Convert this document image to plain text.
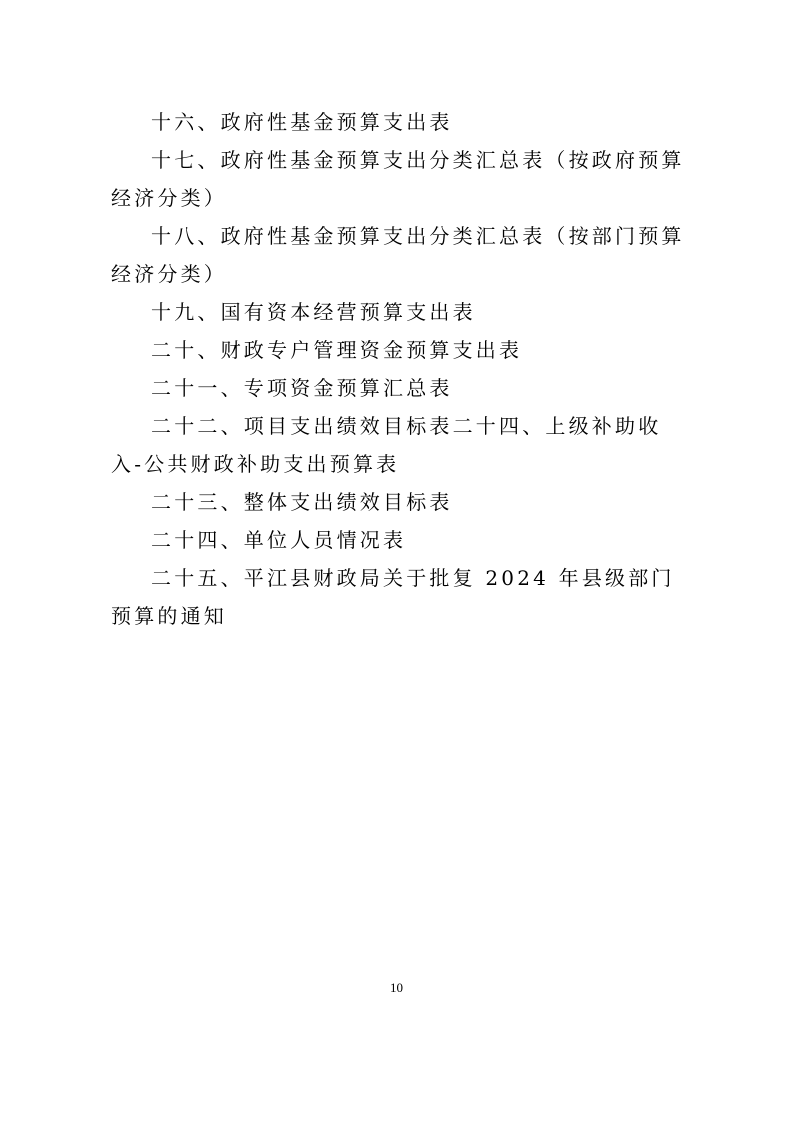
十六、政府性基金预算支出表

十七、政府性基金预算支出分类汇总表（按政府预算经济分类）

十八、政府性基金预算支出分类汇总表（按部门预算经济分类）

十九、国有资本经营预算支出表

二十、财政专户管理资金预算支出表

二十一、专项资金预算汇总表

二十二、项目支出绩效目标表二十四、上级补助收入-公共财政补助支出预算表

二十三、整体支出绩效目标表

二十四、单位人员情况表

二十五、平江县财政局关于批复 2024 年县级部门预算的通知

10
